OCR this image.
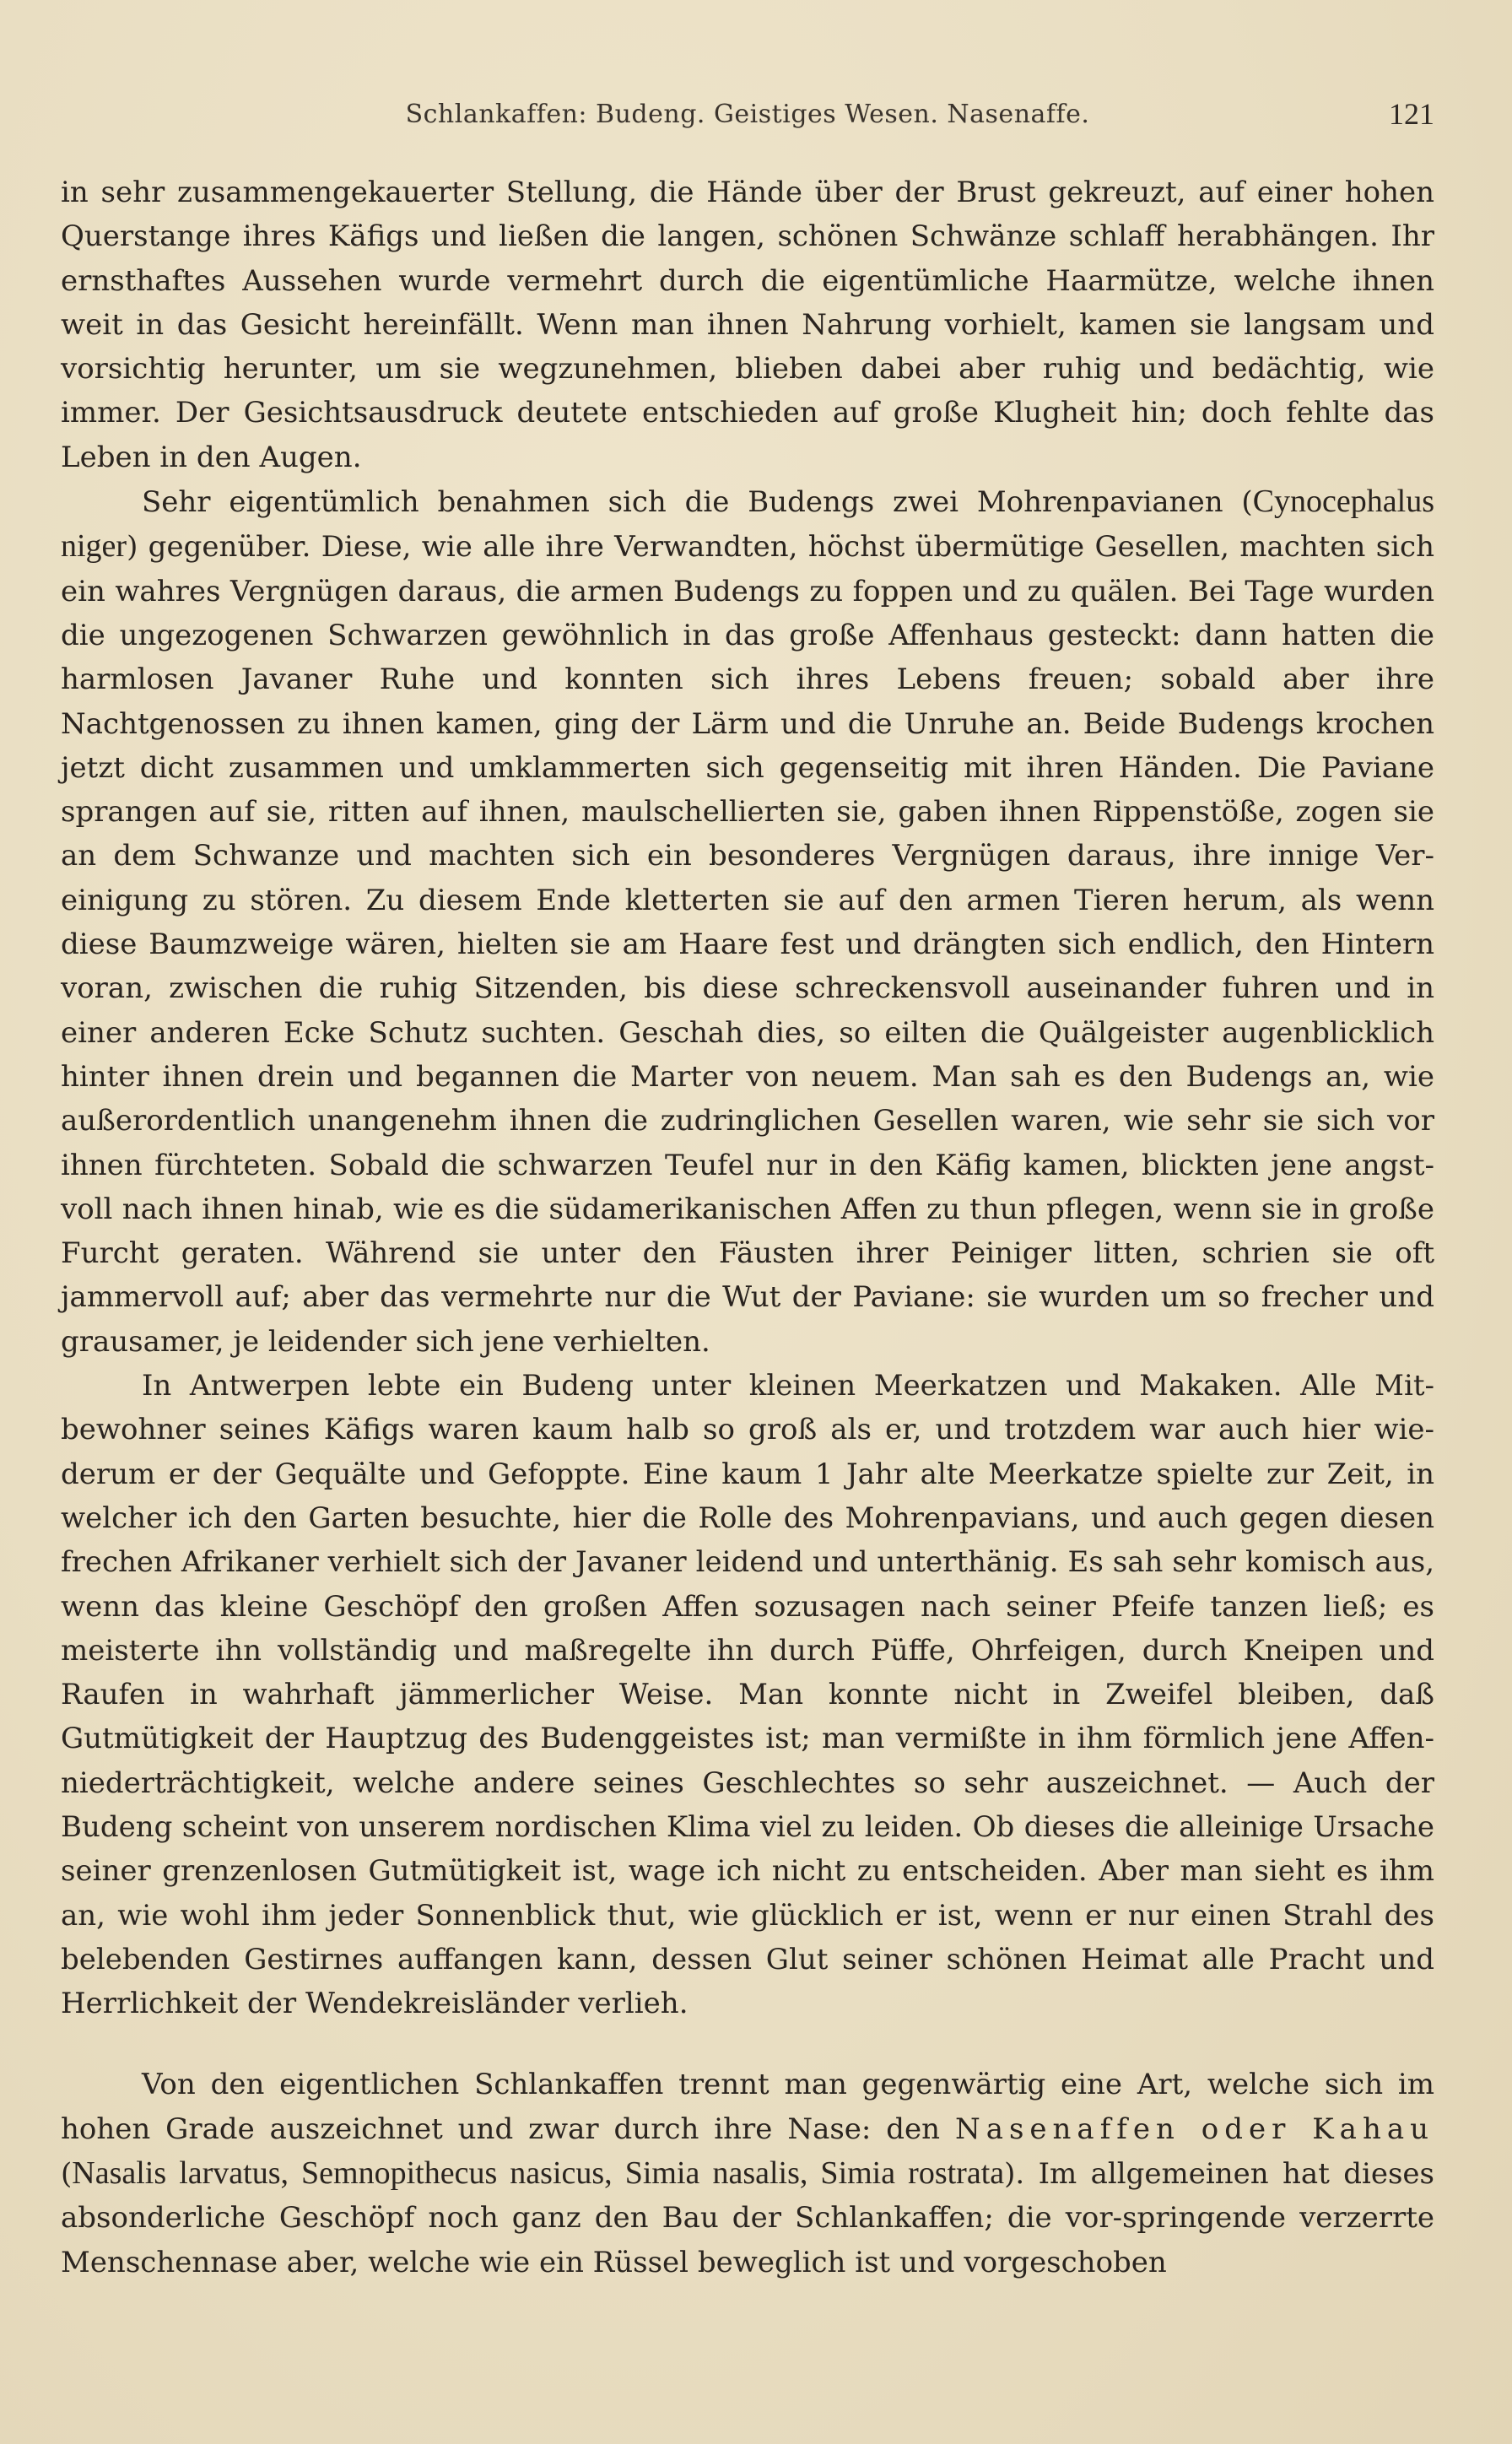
Schlankaffen: Budeng. Geistiges Wesen. Nasenaffe.	121

in sehr zusammengekauerter Stellung, die Hände über der Brust gekreuzt, auf einer hohen Querstange ihres Käfigs und ließen die langen, schönen Schwänze schlaff herabhängen. Ihr ernsthaftes Aussehen wurde vermehrt durch die eigentümliche Haarmütze, welche ihnen weit in das Gesicht hereinfällt. Wenn man ihnen Nahrung vorhielt, kamen sie langsam und vorsichtig herunter, um sie wegzunehmen, blieben dabei aber ruhig und bedächtig, wie immer. Der Gesichtsausdruck deutete entschieden auf große Klugheit hin; doch fehlte das Leben in den Augen.

Sehr eigentümlich benahmen sich die Budengs zwei Mohrenpavianen (Cynocephalus niger) gegenüber. Diese, wie alle ihre Verwandten, höchst übermütige Gesellen, machten sich ein wahres Vergnügen daraus, die armen Budengs zu foppen und zu quälen. Bei Tage wurden die ungezogenen Schwarzen gewöhnlich in das große Affenhaus gesteckt: dann hatten die harmlosen Javaner Ruhe und konnten sich ihres Lebens freuen; sobald aber ihre Nachtgenossen zu ihnen kamen, ging der Lärm und die Unruhe an. Beide Budengs krochen jetzt dicht zusammen und umklammerten sich gegenseitig mit ihren Händen. Die Paviane sprangen auf sie, ritten auf ihnen, maulschellierten sie, gaben ihnen Rippenstöße, zogen sie an dem Schwanze und machten sich ein besonderes Vergnügen daraus, ihre innige Ver-einigung zu stören. Zu diesem Ende kletterten sie auf den armen Tieren herum, als wenn diese Baumzweige wären, hielten sie am Haare fest und drängten sich endlich, den Hintern voran, zwischen die ruhig Sitzenden, bis diese schreckensvoll auseinander fuhren und in einer anderen Ecke Schutz suchten. Geschah dies, so eilten die Quälgeister augenblicklich hinter ihnen drein und begannen die Marter von neuem. Man sah es den Budengs an, wie außerordentlich unangenehm ihnen die zudringlichen Gesellen waren, wie sehr sie sich vor ihnen fürchteten. Sobald die schwarzen Teufel nur in den Käfig kamen, blickten jene angst-voll nach ihnen hinab, wie es die südamerikanischen Affen zu thun pflegen, wenn sie in große Furcht geraten. Während sie unter den Fäusten ihrer Peiniger litten, schrien sie oft jammervoll auf; aber das vermehrte nur die Wut der Paviane: sie wurden um so frecher und grausamer, je leidender sich jene verhielten.

In Antwerpen lebte ein Budeng unter kleinen Meerkatzen und Makaken. Alle Mit-bewohner seines Käfigs waren kaum halb so groß als er, und trotzdem war auch hier wie-derum er der Gequälte und Gefoppte. Eine kaum 1 Jahr alte Meerkatze spielte zur Zeit, in welcher ich den Garten besuchte, hier die Rolle des Mohrenpavians, und auch gegen diesen frechen Afrikaner verhielt sich der Javaner leidend und unterthänig. Es sah sehr komisch aus, wenn das kleine Geschöpf den großen Affen sozusagen nach seiner Pfeife tanzen ließ; es meisterte ihn vollständig und maßregelte ihn durch Püffe, Ohrfeigen, durch Kneipen und Raufen in wahrhaft jämmerlicher Weise. Man konnte nicht in Zweifel bleiben, daß Gutmütigkeit der Hauptzug des Budenggeistes ist; man vermißte in ihm förmlich jene Affen-niederträchtigkeit, welche andere seines Geschlechtes so sehr auszeichnet. — Auch der Budeng scheint von unserem nordischen Klima viel zu leiden. Ob dieses die alleinige Ursache seiner grenzenlosen Gutmütigkeit ist, wage ich nicht zu entscheiden. Aber man sieht es ihm an, wie wohl ihm jeder Sonnenblick thut, wie glücklich er ist, wenn er nur einen Strahl des belebenden Gestirnes auffangen kann, dessen Glut seiner schönen Heimat alle Pracht und Herrlichkeit der Wendekreisländer verlieh.

Von den eigentlichen Schlankaffen trennt man gegenwärtig eine Art, welche sich im hohen Grade auszeichnet und zwar durch ihre Nase: den Nasenaffen oder Kahau (Nasalis larvatus, Semnopithecus nasicus, Simia nasalis, Simia rostrata). Im allgemeinen hat dieses absonderliche Geschöpf noch ganz den Bau der Schlankaffen; die vor-springende verzerrte Menschennase aber, welche wie ein Rüssel beweglich ist und vorgeschoben
